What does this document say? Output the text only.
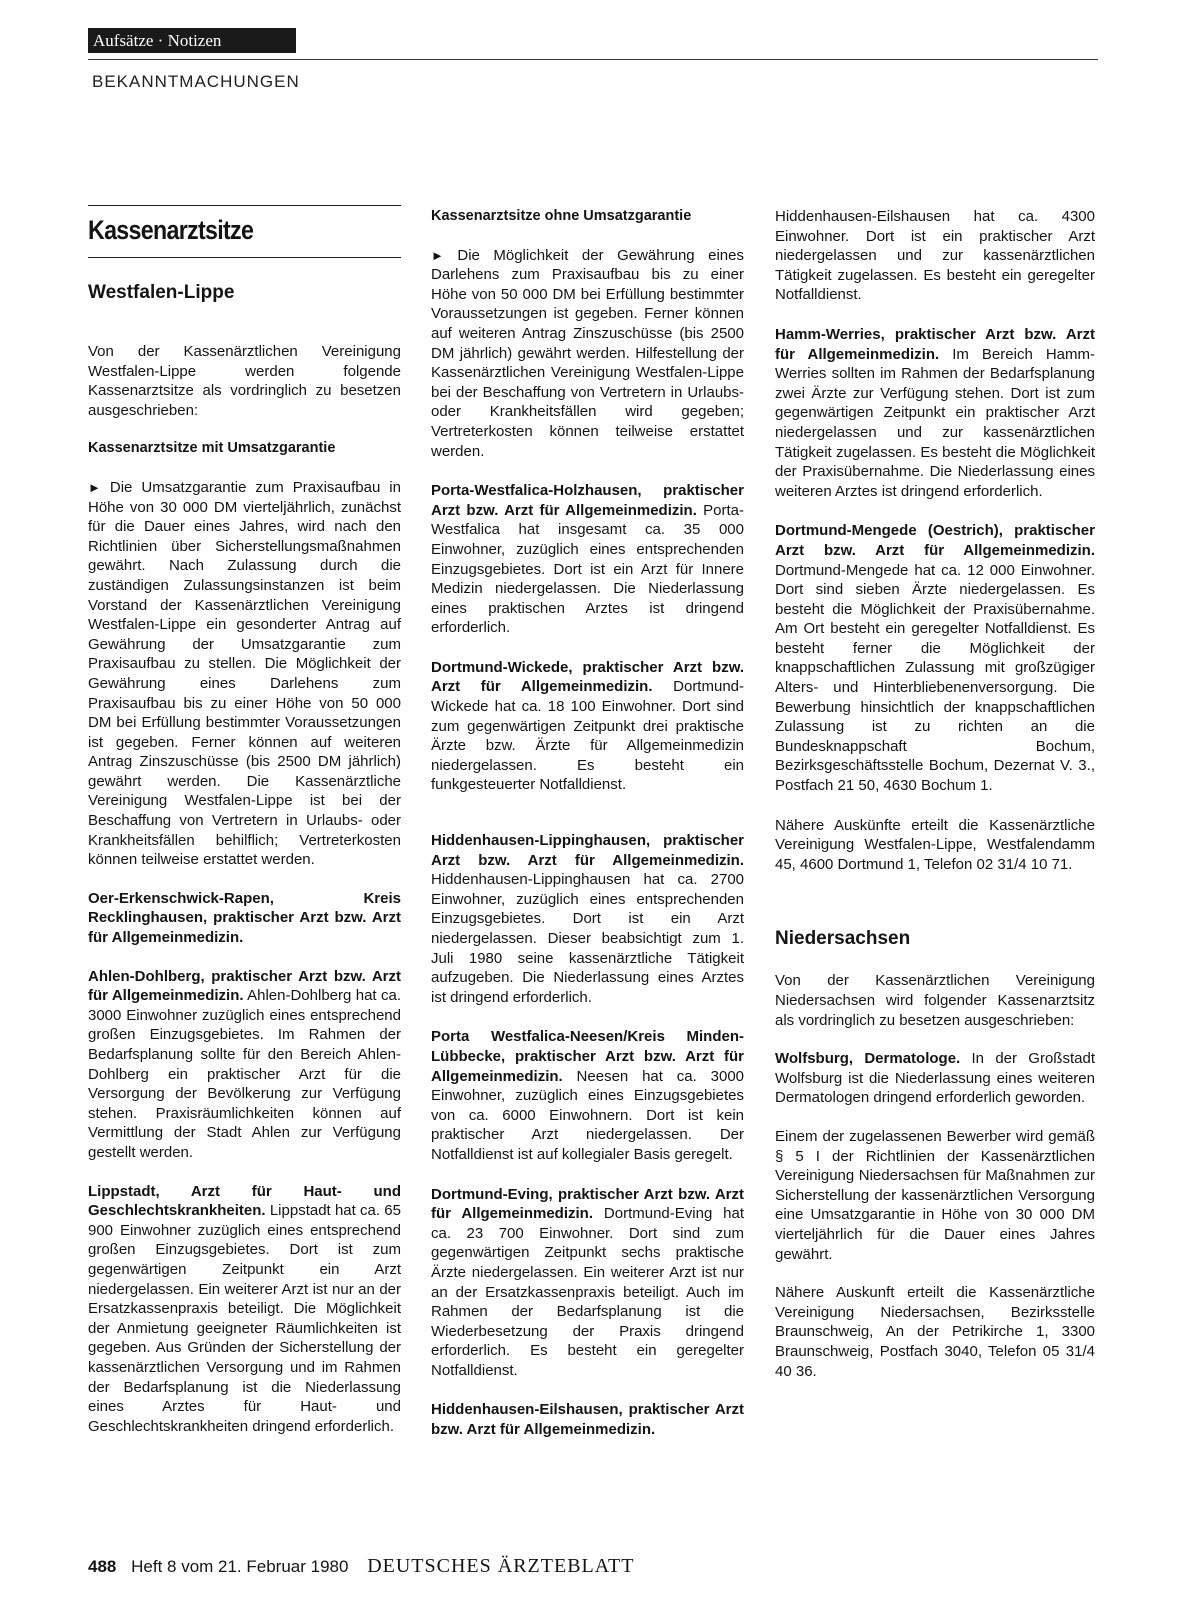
Aufsätze · Notizen
BEKANNTMACHUNGEN
Kassenarztsitze
Westfalen-Lippe

Von der Kassenärztlichen Vereinigung Westfalen-Lippe werden folgende Kassenarztsitze als vordringlich zu besetzen ausgeschrieben:

Kassenarztsitze mit Umsatzgarantie

► Die Umsatzgarantie zum Praxisaufbau in Höhe von 30 000 DM vierteljährlich, zunächst für die Dauer eines Jahres, wird nach den Richtlinien über Sicherstellungsmaßnahmen gewährt. Nach Zulassung durch die zuständigen Zulassungsinstanzen ist beim Vorstand der Kassenärztlichen Vereinigung Westfalen-Lippe ein gesonderter Antrag auf Gewährung der Umsatzgarantie zum Praxisaufbau zu stellen. Die Möglichkeit der Gewährung eines Darlehens zum Praxisaufbau bis zu einer Höhe von 50 000 DM bei Erfüllung bestimmter Voraussetzungen ist gegeben. Ferner können auf weiteren Antrag Zinszuschüsse (bis 2500 DM jährlich) gewährt werden. Die Kassenärztliche Vereinigung Westfalen-Lippe ist bei der Beschaffung von Vertretern in Urlaubs- oder Krankheitsfällen behilflich; Vertreterkosten können teilweise erstattet werden.

Oer-Erkenschwick-Rapen, Kreis Recklinghausen, praktischer Arzt bzw. Arzt für Allgemeinmedizin.

Ahlen-Dohlberg, praktischer Arzt bzw. Arzt für Allgemeinmedizin. Ahlen-Dohlberg hat ca. 3000 Einwohner zuzüglich eines entsprechend großen Einzugsgebietes. Im Rahmen der Bedarfsplanung sollte für den Bereich Ahlen-Dohlberg ein praktischer Arzt für die Versorgung der Bevölkerung zur Verfügung stehen. Praxisräumlichkeiten können auf Vermittlung der Stadt Ahlen zur Verfügung gestellt werden.

Lippstadt, Arzt für Haut- und Geschlechtskrankheiten. Lippstadt hat ca. 65 900 Einwohner zuzüglich eines entsprechend großen Einzugsgebietes. Dort ist zum gegenwärtigen Zeitpunkt ein Arzt niedergelassen. Ein weiterer Arzt ist nur an der Ersatzkassenpraxis beteiligt. Die Möglichkeit der Anmietung geeigneter Räumlichkeiten ist gegeben. Aus Gründen der Sicherstellung der kassenärztlichen Versorgung und im Rahmen der Bedarfsplanung ist die Niederlassung eines Arztes für Haut- und Geschlechtskrankheiten dringend erforderlich.

Kassenarztsitze ohne Umsatzgarantie

► Die Möglichkeit der Gewährung eines Darlehens zum Praxisaufbau bis zu einer Höhe von 50 000 DM bei Erfüllung bestimmter Voraussetzungen ist gegeben. Ferner können auf weiteren Antrag Zinszuschüsse (bis 2500 DM jährlich) gewährt werden. Hilfestellung der Kassenärztlichen Vereinigung Westfalen-Lippe bei der Beschaffung von Vertretern in Urlaubs- oder Krankheitsfällen wird gegeben; Vertreterkosten können teilweise erstattet werden.

Porta-Westfalica-Holzhausen, praktischer Arzt bzw. Arzt für Allgemeinmedizin. Porta-Westfalica hat insgesamt ca. 35 000 Einwohner, zuzüglich eines entsprechenden Einzugsgebietes. Dort ist ein Arzt für Innere Medizin niedergelassen. Die Niederlassung eines praktischen Arztes ist dringend erforderlich.

Dortmund-Wickede, praktischer Arzt bzw. Arzt für Allgemeinmedizin. Dortmund-Wickede hat ca. 18 100 Einwohner. Dort sind zum gegenwärtigen Zeitpunkt drei praktische Ärzte bzw. Ärzte für Allgemeinmedizin niedergelassen. Es besteht ein funkgesteuerter Notfalldienst.

Hiddenhausen-Lippinghausen, praktischer Arzt bzw. Arzt für Allgemeinmedizin. Hiddenhausen-Lippinghausen hat ca. 2700 Einwohner, zuzüglich eines entsprechenden Einzugsgebietes. Dort ist ein Arzt niedergelassen. Dieser beabsichtigt zum 1. Juli 1980 seine kassenärztliche Tätigkeit aufzugeben. Die Niederlassung eines Arztes ist dringend erforderlich.

Porta Westfalica-Neesen/Kreis Minden-Lübbecke, praktischer Arzt bzw. Arzt für Allgemeinmedizin. Neesen hat ca. 3000 Einwohner, zuzüglich eines Einzugsgebietes von ca. 6000 Einwohnern. Dort ist kein praktischer Arzt niedergelassen. Der Notfalldienst ist auf kollegialer Basis geregelt.

Dortmund-Eving, praktischer Arzt bzw. Arzt für Allgemeinmedizin. Dortmund-Eving hat ca. 23 700 Einwohner. Dort sind zum gegenwärtigen Zeitpunkt sechs praktische Ärzte niedergelassen. Ein weiterer Arzt ist nur an der Ersatzkassenpraxis beteiligt. Auch im Rahmen der Bedarfsplanung ist die Wiederbesetzung der Praxis dringend erforderlich. Es besteht ein geregelter Notfalldienst.

Hiddenhausen-Eilshausen, praktischer Arzt bzw. Arzt für Allgemeinmedizin.

Hiddenhausen-Eilshausen hat ca. 4300 Einwohner. Dort ist ein praktischer Arzt niedergelassen und zur kassenärztlichen Tätigkeit zugelassen. Es besteht ein geregelter Notfalldienst.

Hamm-Werries, praktischer Arzt bzw. Arzt für Allgemeinmedizin. Im Bereich Hamm-Werries sollten im Rahmen der Bedarfsplanung zwei Ärzte zur Verfügung stehen. Dort ist zum gegenwärtigen Zeitpunkt ein praktischer Arzt niedergelassen und zur kassenärztlichen Tätigkeit zugelassen. Es besteht die Möglichkeit der Praxisübernahme. Die Niederlassung eines weiteren Arztes ist dringend erforderlich.

Dortmund-Mengede (Oestrich), praktischer Arzt bzw. Arzt für Allgemeinmedizin. Dortmund-Mengede hat ca. 12 000 Einwohner. Dort sind sieben Ärzte niedergelassen. Es besteht die Möglichkeit der Praxisübernahme. Am Ort besteht ein geregelter Notfalldienst. Es besteht ferner die Möglichkeit der knappschaftlichen Zulassung mit großzügiger Alters- und Hinterbliebenenversorgung. Die Bewerbung hinsichtlich der knappschaftlichen Zulassung ist zu richten an die Bundesknappschaft Bochum, Bezirksgeschäftsstelle Bochum, Dezernat V. 3., Postfach 21 50, 4630 Bochum 1.

Nähere Auskünfte erteilt die Kassenärztliche Vereinigung Westfalen-Lippe, Westfalendamm 45, 4600 Dortmund 1, Telefon 02 31/4 10 71.

Niedersachsen

Von der Kassenärztlichen Vereinigung Niedersachsen wird folgender Kassenarztsitz als vordringlich zu besetzen ausgeschrieben:

Wolfsburg, Dermatologe. In der Großstadt Wolfsburg ist die Niederlassung eines weiteren Dermatologen dringend erforderlich geworden.

Einem der zugelassenen Bewerber wird gemäß § 5 I der Richtlinien der Kassenärztlichen Vereinigung Niedersachsen für Maßnahmen zur Sicherstellung der kassenärztlichen Versorgung eine Umsatzgarantie in Höhe von 30 000 DM vierteljährlich für die Dauer eines Jahres gewährt.

Nähere Auskunft erteilt die Kassenärztliche Vereinigung Niedersachsen, Bezirksstelle Braunschweig, An der Petrikirche 1, 3300 Braunschweig, Postfach 3040, Telefon 05 31/4 40 36.

488 Heft 8 vom 21. Februar 1980 DEUTSCHES ÄRZTEBLATT
